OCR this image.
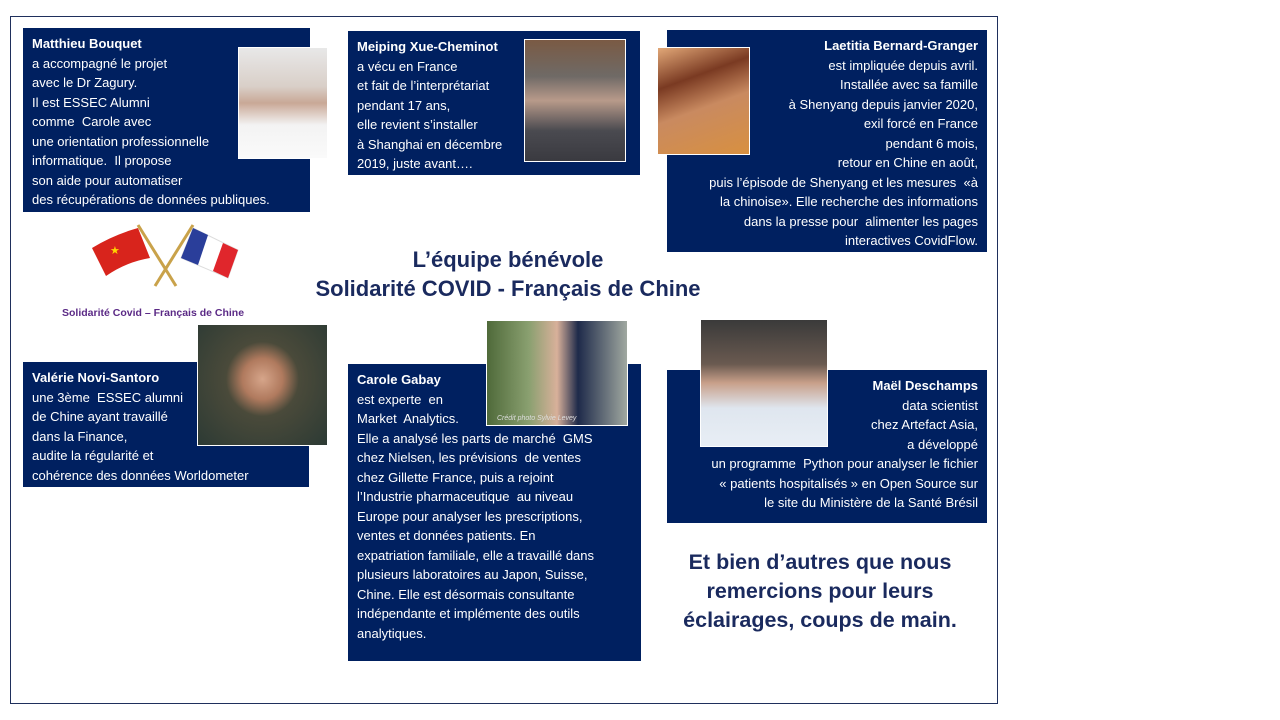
Matthieu Bouquet
a accompagné le projet
avec le Dr Zagury.
Il est ESSEC Alumni
comme  Carole avec
une orientation professionnelle
informatique.  Il propose
son aide pour automatiser
des récupérations de données publiques.
Meiping Xue-Cheminot
a vécu en France
et fait de l’interprétariat
pendant 17 ans,
elle revient s’installer
à Shanghai en décembre
2019, juste avant….
Laetitia Bernard-Granger
est impliquée depuis avril.
Installée avec sa famille
à Shenyang depuis janvier 2020,
exil forcé en France
pendant 6 mois,
retour en Chine en août,
puis l’épisode de Shenyang et les mesures  «à
la chinoise». Elle recherche des informations
dans la presse pour  alimenter les pages
interactives CovidFlow.
★
Solidarité Covid – Français de Chine
L’équipe bénévole
Solidarité COVID - Français de Chine
Valérie Novi-Santoro
une 3ème  ESSEC alumni
de Chine ayant travaillé
dans la Finance,
audite la régularité et
cohérence des données Worldometer
Carole Gabay
est experte  en
Market  Analytics.
Elle a analysé les parts de marché  GMS
chez Nielsen, les prévisions  de ventes
chez Gillette France, puis a rejoint
l’Industrie pharmaceutique  au niveau
Europe pour analyser les prescriptions,
ventes et données patients. En
expatriation familiale, elle a travaillé dans
plusieurs laboratoires au Japon, Suisse,
Chine. Elle est désormais consultante
indépendante et implémente des outils
analytiques.
Crédit photo Sylvie Levey
Maël Deschamps
data scientist
chez Artefact Asia,
a développé
un programme  Python pour analyser le fichier
« patients hospitalisés » en Open Source sur
le site du Ministère de la Santé Brésil
Et bien d’autres que nous remercions pour leurs éclairages, coups de main.
